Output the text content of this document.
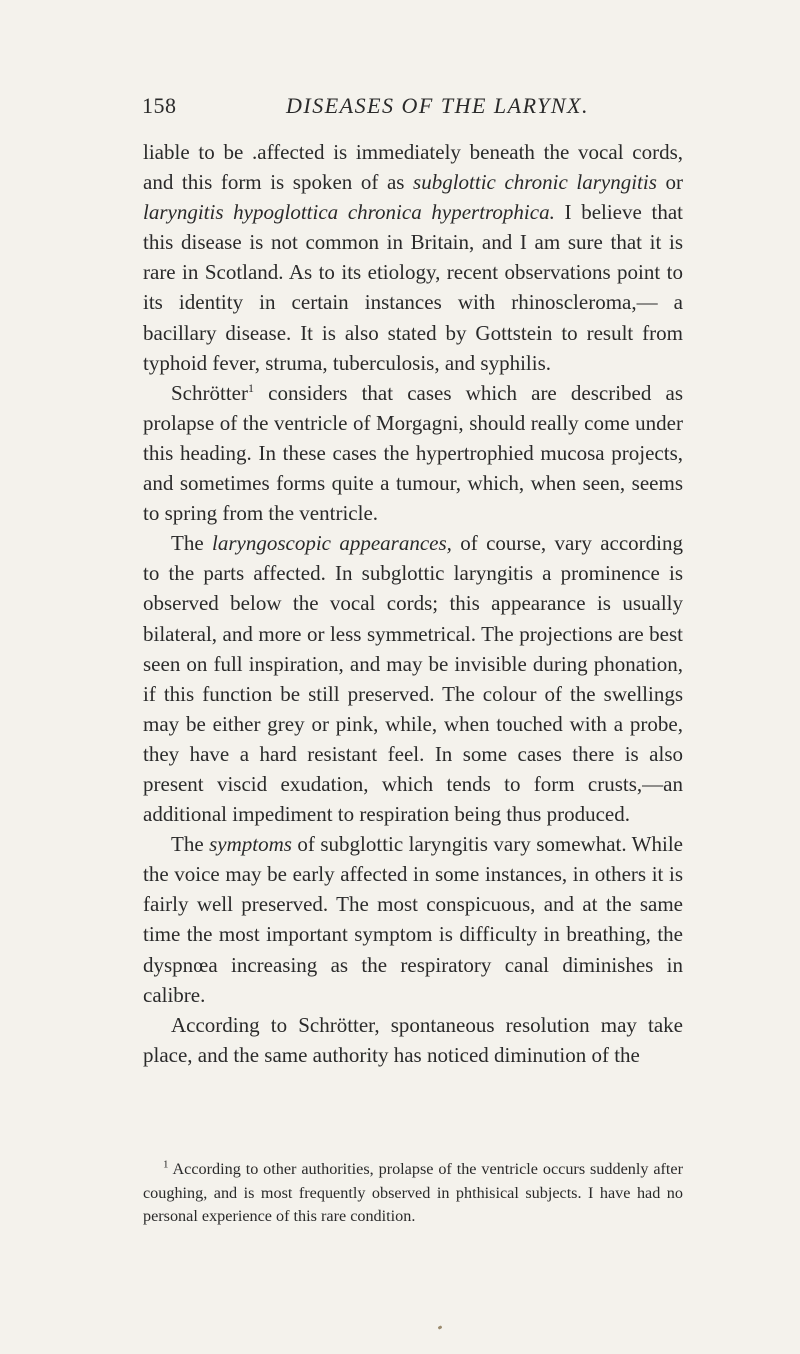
158	DISEASES OF THE LARYNX.

liable to be .affected is immediately beneath the vocal cords, and this form is spoken of as subglottic chronic laryngitis or laryngitis hypoglottica chronica hypertrophica. I believe that this disease is not common in Britain, and I am sure that it is rare in Scotland. As to its etiology, recent observations point to its identity in certain instances with rhinoscleroma,— a bacillary disease. It is also stated by Gottstein to result from typhoid fever, struma, tuberculosis, and syphilis.

Schrötter$^1$ considers that cases which are described as prolapse of the ventricle of Morgagni, should really come under this heading. In these cases the hypertrophied mucosa projects, and sometimes forms quite a tumour, which, when seen, seems to spring from the ventricle.

The laryngoscopic appearances, of course, vary according to the parts affected. In subglottic laryngitis a prominence is observed below the vocal cords; this appearance is usually bilateral, and more or less symmetrical. The projections are best seen on full inspiration, and may be invisible during phonation, if this function be still preserved. The colour of the swellings may be either grey or pink, while, when touched with a probe, they have a hard resistant feel. In some cases there is also present viscid exudation, which tends to form crusts,—an additional impediment to respiration being thus produced.

The symptoms of subglottic laryngitis vary somewhat. While the voice may be early affected in some instances, in others it is fairly well preserved. The most conspicuous, and at the same time the most important symptom is difficulty in breathing, the dyspnœa increasing as the respiratory canal diminishes in calibre.

According to Schrötter, spontaneous resolution may take place, and the same authority has noticed diminution of the

$^1$ According to other authorities, prolapse of the ventricle occurs suddenly after coughing, and is most frequently observed in phthisical subjects. I have had no personal experience of this rare condition.
